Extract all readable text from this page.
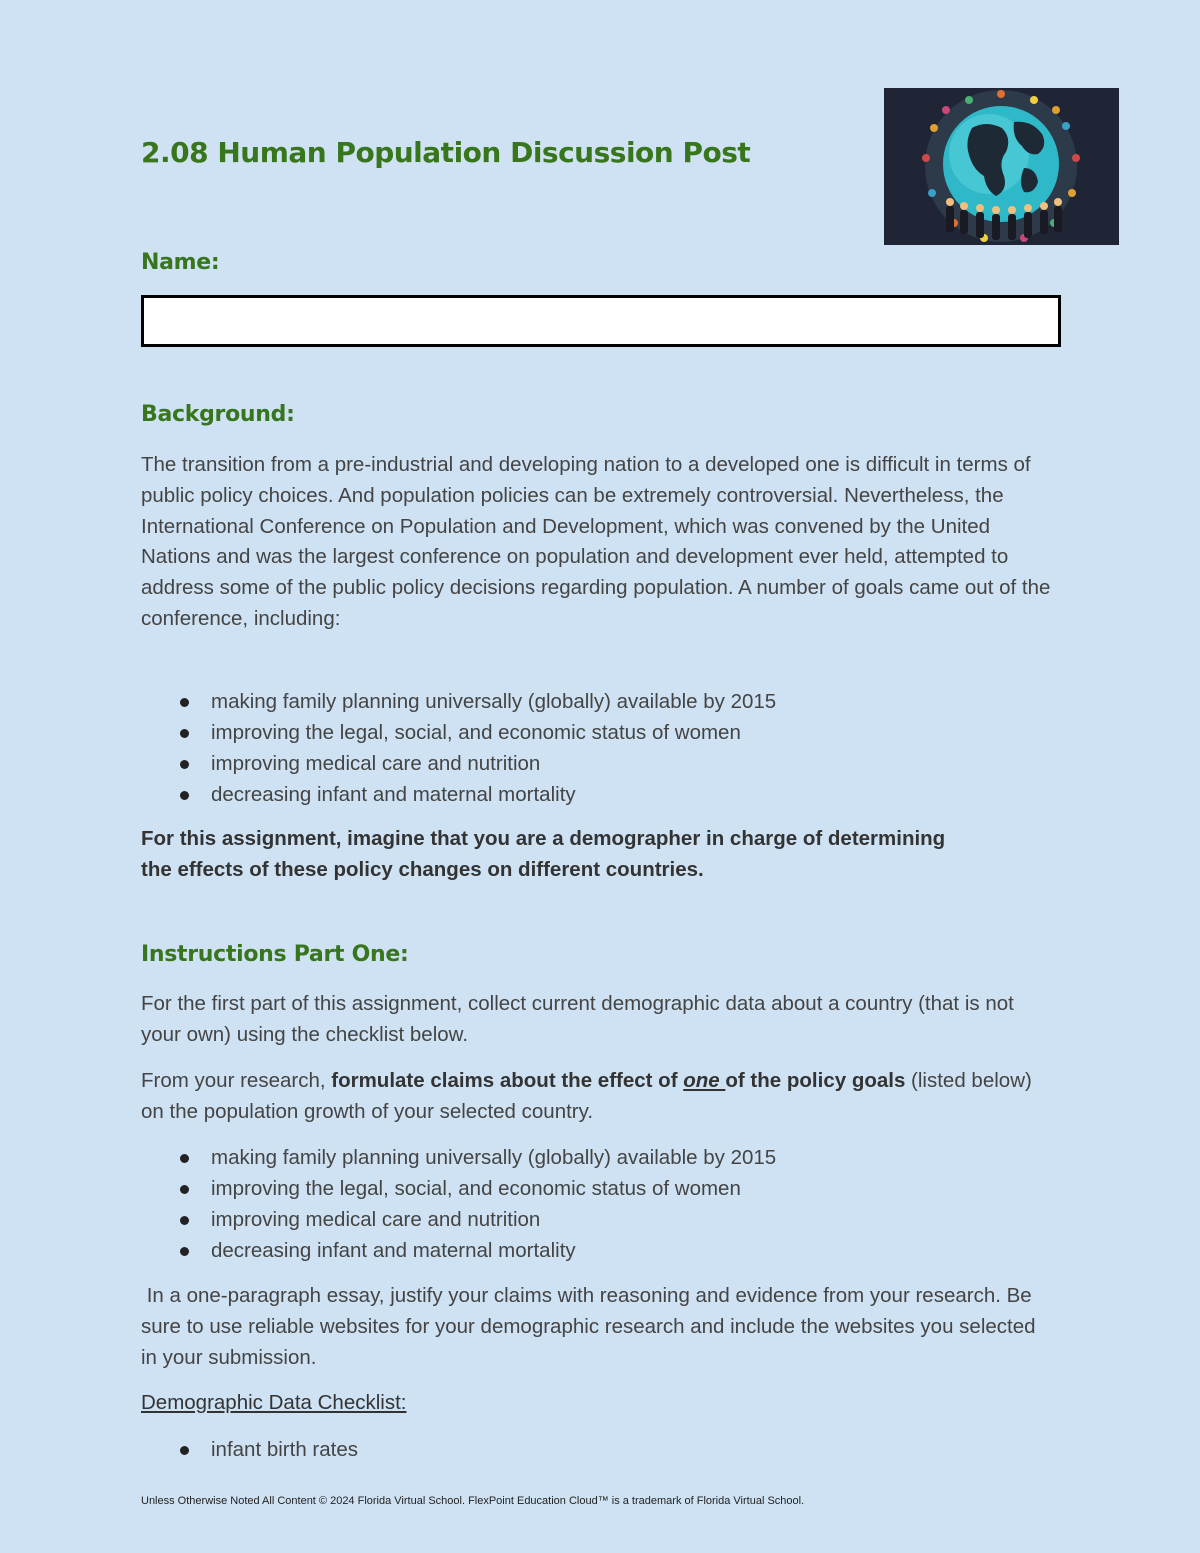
2.08 Human Population Discussion Post
Name:
Background:

The transition from a pre-industrial and developing nation to a developed one is difficult in terms of public policy choices. And population policies can be extremely controversial. Nevertheless, the International Conference on Population and Development, which was convened by the United Nations and was the largest conference on population and development ever held, attempted to address some of the public policy decisions regarding population. A number of goals came out of the conference, including:

making family planning universally (globally) available by 2015
improving the legal, social, and economic status of women
improving medical care and nutrition
decreasing infant and maternal mortality

For this assignment, imagine that you are a demographer in charge of determining the effects of these policy changes on different countries.

Instructions Part One:

For the first part of this assignment, collect current demographic data about a country (that is not your own) using the checklist below.

From your research, formulate claims about the effect of one of the policy goals (listed below) on the population growth of your selected country.

making family planning universally (globally) available by 2015
improving the legal, social, and economic status of women
improving medical care and nutrition
decreasing infant and maternal mortality

In a one-paragraph essay, justify your claims with reasoning and evidence from your research. Be sure to use reliable websites for your demographic research and include the websites you selected in your submission.

Demographic Data Checklist:

infant birth rates

Unless Otherwise Noted All Content © 2024 Florida Virtual School. FlexPoint Education Cloud™ is a trademark of Florida Virtual School.
